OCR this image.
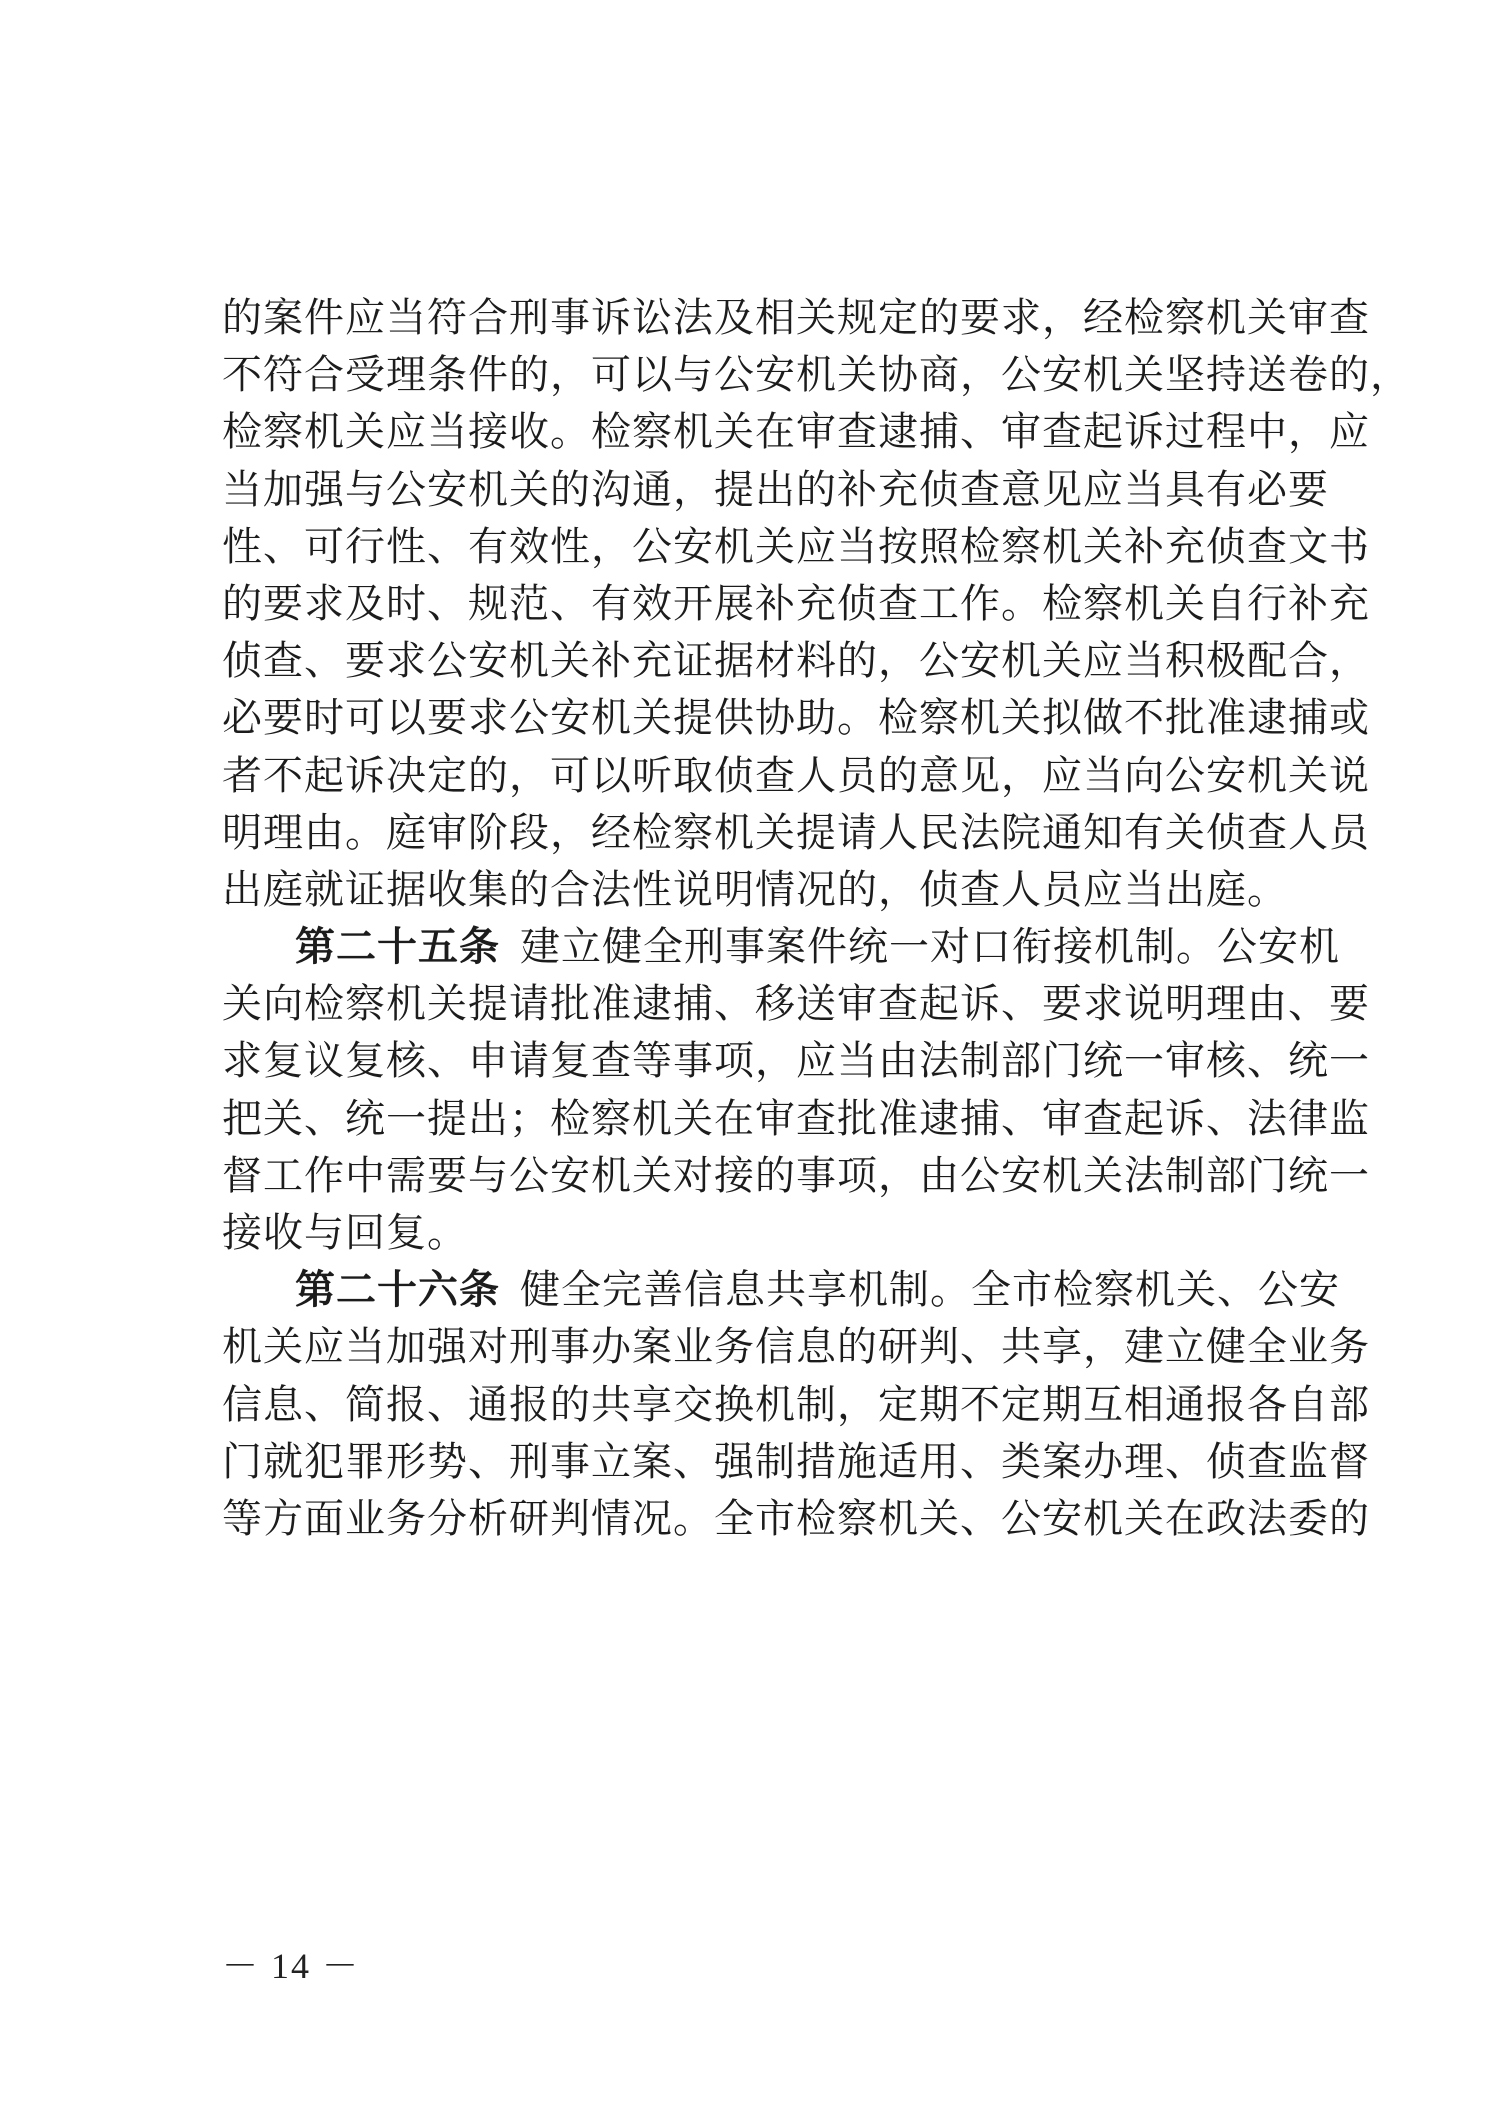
的案件应当符合刑事诉讼法及相关规定的要求，经检察机关审查
不符合受理条件的，可以与公安机关协商，公安机关坚持送卷的，
检察机关应当接收。检察机关在审查逮捕、审查起诉过程中，应
当加强与公安机关的沟通，提出的补充侦查意见应当具有必要
性、可行性、有效性，公安机关应当按照检察机关补充侦查文书
的要求及时、规范、有效开展补充侦查工作。检察机关自行补充
侦查、要求公安机关补充证据材料的，公安机关应当积极配合，
必要时可以要求公安机关提供协助。检察机关拟做不批准逮捕或
者不起诉决定的，可以听取侦查人员的意见，应当向公安机关说
明理由。庭审阶段，经检察机关提请人民法院通知有关侦查人员
出庭就证据收集的合法性说明情况的，侦查人员应当出庭。
第二十五条 建立健全刑事案件统一对口衔接机制。公安机
关向检察机关提请批准逮捕、移送审查起诉、要求说明理由、要
求复议复核、申请复查等事项，应当由法制部门统一审核、统一
把关、统一提出；检察机关在审查批准逮捕、审查起诉、法律监
督工作中需要与公安机关对接的事项，由公安机关法制部门统一
接收与回复。
第二十六条 健全完善信息共享机制。全市检察机关、公安
机关应当加强对刑事办案业务信息的研判、共享，建立健全业务
信息、简报、通报的共享交换机制，定期不定期互相通报各自部
门就犯罪形势、刑事立案、强制措施适用、类案办理、侦查监督
等方面业务分析研判情况。全市检察机关、公安机关在政法委的
－ 14 －
